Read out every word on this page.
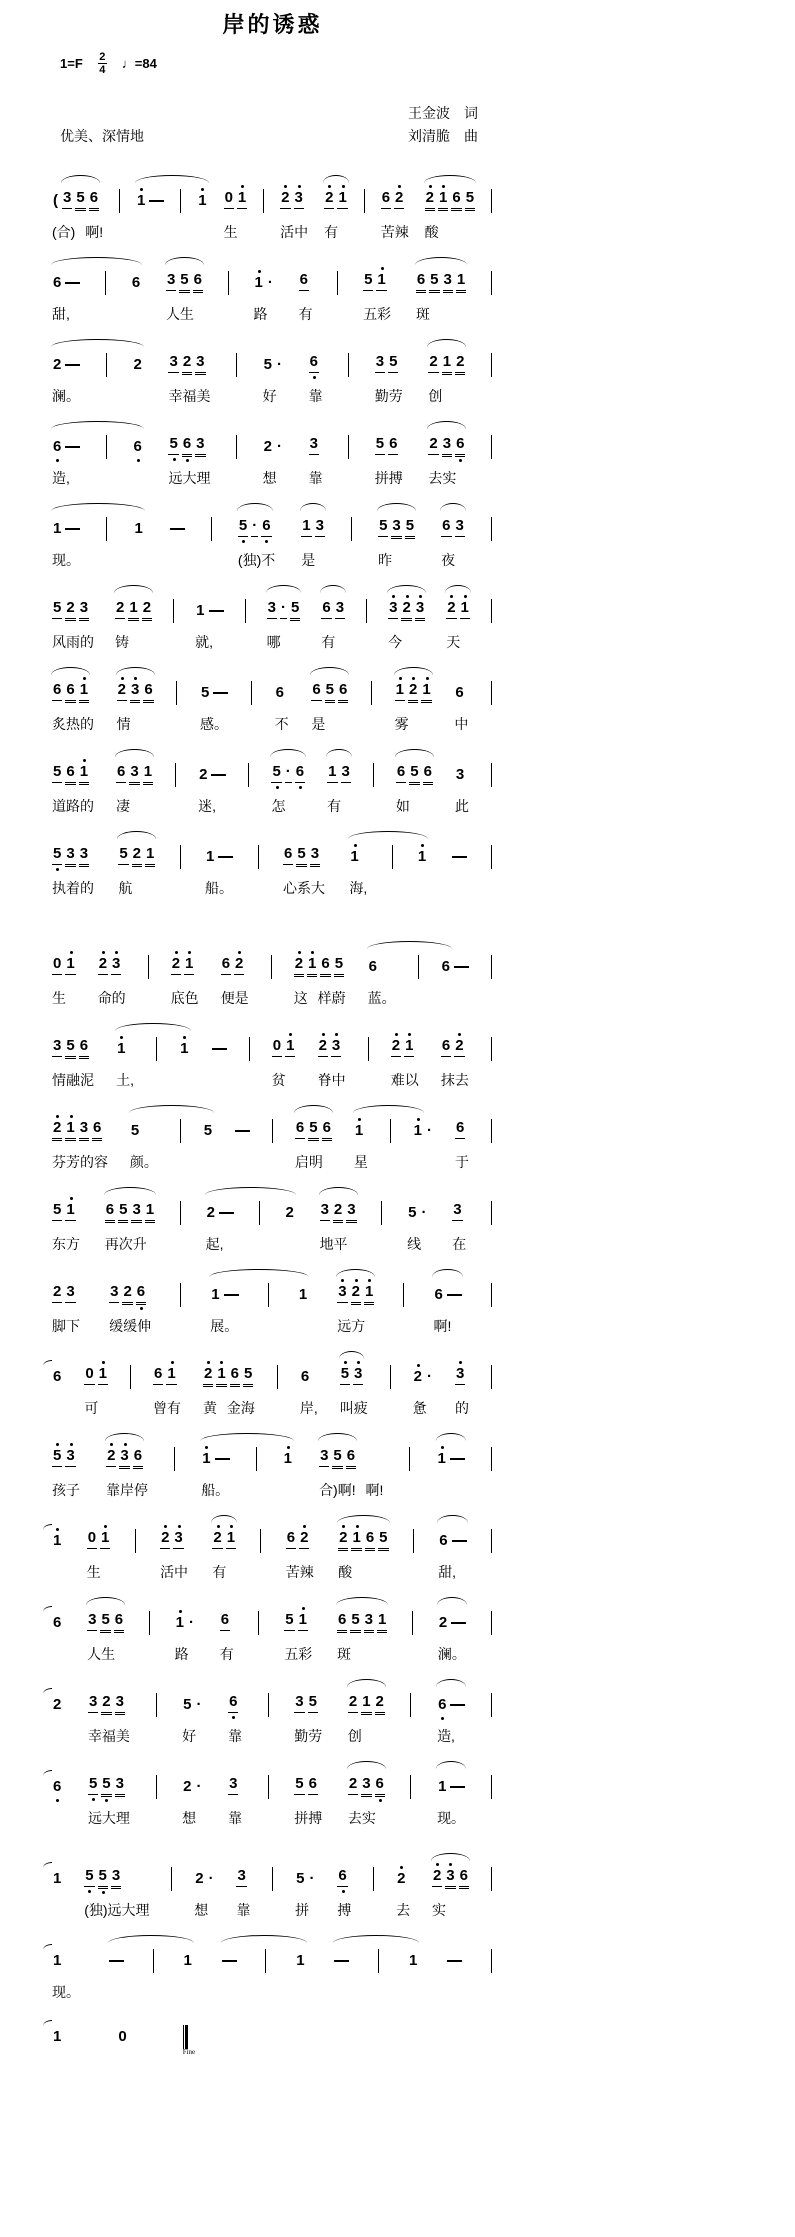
岸的诱惑
1=F 2
4 ♩=84
优美、深情地
王金波　词
刘清脆　曲
( 3 5 6
(合) 啊!
1	1 0 1
生
2 3
活中
2 1
有
6 2
苦辣
2 1 6 5
酸
6
甜,
6 3 5 6
人生
1 ·
路
6
有
5 1
五彩
6 5 3 1
斑
2
澜。
2 3 2 3
幸福美
5 ·
好
6
靠
3 5
勤劳
2 1 2
创
6
造,
6 5 6 3
远大理
2 ·
想
3
靠
5 6
拼搏
2 3 6
去实
1
现。
1	5 · 6
(独)不
1 3
是
5 3 5
昨
6 3
夜
5 2 3
风雨的
2 1 2
铸
1
就,
3 · 5
哪
6 3
有
3 2 3
今
2 1
天
6 6 1
炙热的
2 3 6
情
5
感。
6
不
6 5 6
是
1 2 1
雾
6
中
5 6 1
道路的
6 3 1
凄
2
迷,
5 · 6
怎
1 3
有
6 5 6
如
3
此
5 3 3
执着的
5 2 1
航
1
船。
6 5 3
心系大
1
海,
1
0 1
生
2 3
命的
2 1
底色
6 2
便是
2 1 6 5
这 样蔚
6
蓝。
6
3 5 6
情融泥
1
土,
1	0 1
贫
2 3
脊中
2 1
难以
6 2
抹去
2 1 3 6
芬芳的容
5
颜。
5	6 5 6
启明
1
星
1 · 6
于
5 1
东方
6 5 3 1
再次升
2
起,
2 3 2 3
地平
5 ·
线
3
在
2 3
脚下
3 2 6
缓缓伸
1
展。
1 3 2 1
远方
6
啊!
6 0 1
可
6 1
曾有
2 1 6 5
黄 金海
6
岸,
5 3
叫疲
2 ·
惫
3
的
5 3
孩子
2 3 6
靠岸停
1
船。
1 3 5 6
合)啊! 啊!
1
1 0 1
生
2 3
活中
2 1
有
6 2
苦辣
2 1 6 5
酸
6
甜,
6 3 5 6
人生
1 ·
路
6
有
5 1
五彩
6 5 3 1
斑
2
澜。
2 3 2 3
幸福美
5 ·
好
6
靠
3 5
勤劳
2 1 2
创
6
造,
6 5 5 3
远大理
2 ·
想
3
靠
5 6
拼搏
2 3 6
去实
1
现。
1 5 5 3
(独)远大理
2 ·
想
3
靠
5 ·
拼
6
搏
2
去
2 3 6
实
1
现。
1	1	1
1	0
Fine
